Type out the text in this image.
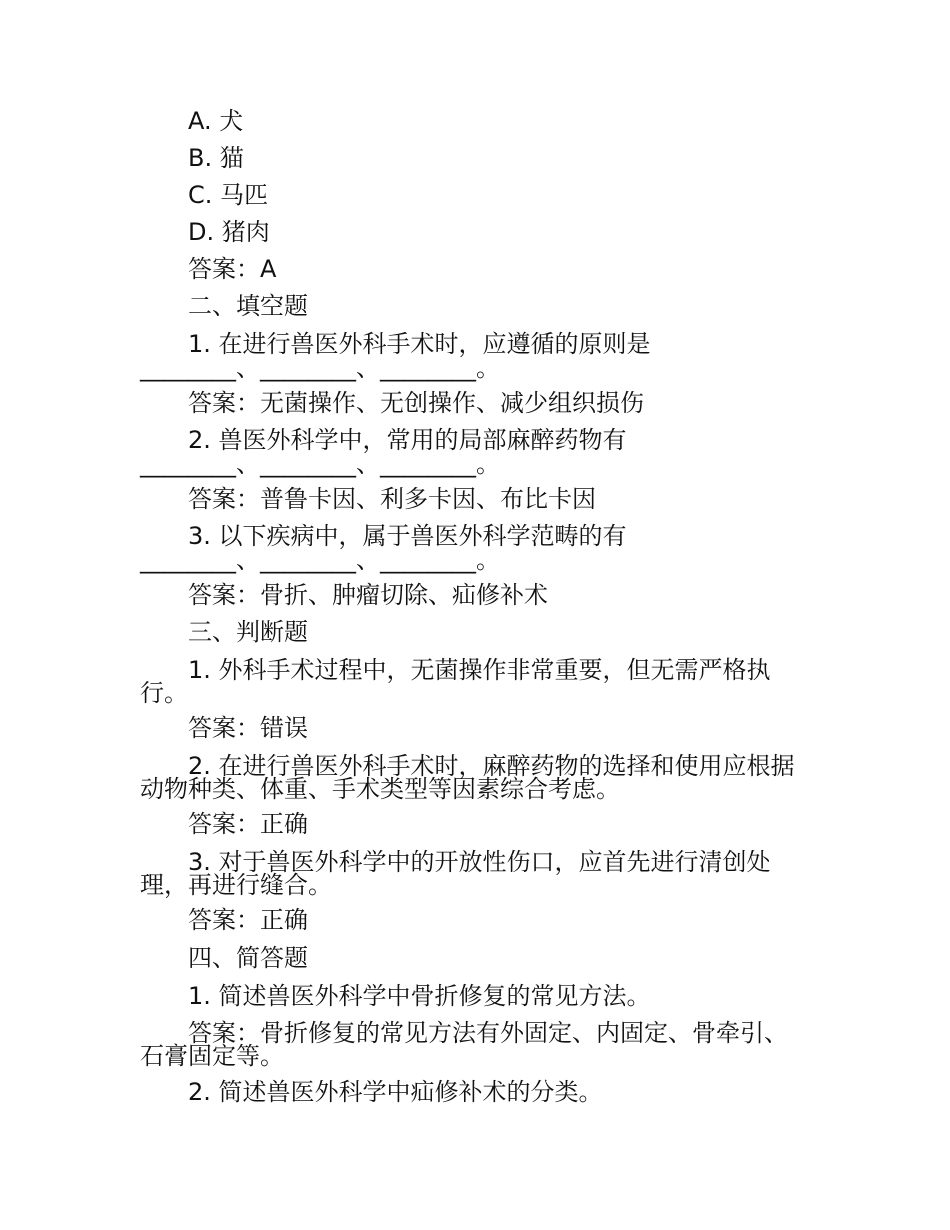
A. 犬
B. 猫
C. 马匹
D. 猪肉
答案：A
二、填空题
1. 在进行兽医外科手术时，应遵循的原则是
________、________、________。
答案：无菌操作、无创操作、减少组织损伤
2. 兽医外科学中，常用的局部麻醉药物有
________、________、________。
答案：普鲁卡因、利多卡因、布比卡因
3. 以下疾病中，属于兽医外科学范畴的有
________、________、________。
答案：骨折、肿瘤切除、疝修补术
三、判断题
1. 外科手术过程中，无菌操作非常重要，但无需严格执
行。
答案：错误
2. 在进行兽医外科手术时，麻醉药物的选择和使用应根据
动物种类、体重、手术类型等因素综合考虑。
答案：正确
3. 对于兽医外科学中的开放性伤口，应首先进行清创处
理，再进行缝合。
答案：正确
四、简答题
1. 简述兽医外科学中骨折修复的常见方法。
答案：骨折修复的常见方法有外固定、内固定、骨牵引、
石膏固定等。
2. 简述兽医外科学中疝修补术的分类。
